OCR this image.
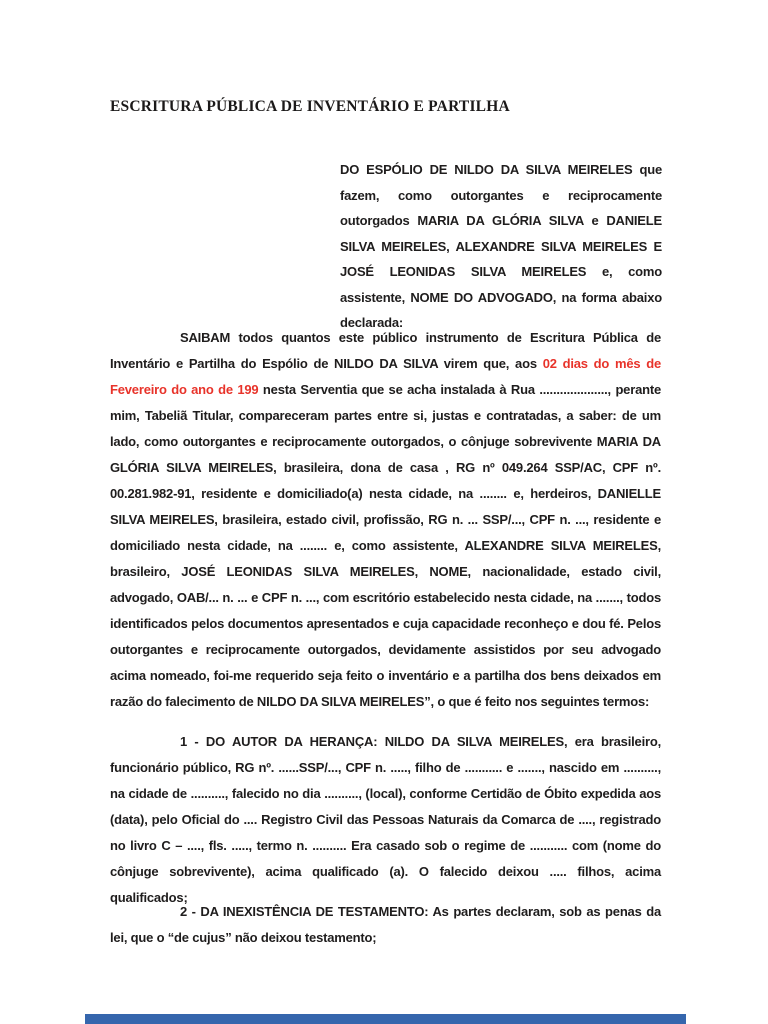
ESCRITURA PÚBLICA DE INVENTÁRIO E PARTILHA

DO ESPÓLIO DE NILDO DA SILVA MEIRELES que fazem, como outorgantes e reciprocamente outorgados MARIA DA GLÓRIA SILVA e DANIELE SILVA MEIRELES, ALEXANDRE SILVA MEIRELES E JOSÉ LEONIDAS SILVA MEIRELES e, como assistente, NOME DO ADVOGADO, na forma abaixo declarada:

SAIBAM todos quantos este público instrumento de Escritura Pública de Inventário e Partilha do Espólio de NILDO DA SILVA virem que, aos 02 dias do mês de Fevereiro do ano de 199 nesta Serventia que se acha instalada à Rua ...................., perante mim, Tabeliã Titular, compareceram partes entre si, justas e contratadas, a saber: de um lado, como outorgantes e reciprocamente outorgados, o cônjuge sobrevivente MARIA DA GLÓRIA SILVA MEIRELES, brasileira, dona de casa , RG nº 049.264 SSP/AC, CPF nº. 00.281.982-91, residente e domiciliado(a) nesta cidade, na ........ e, herdeiros, DANIELLE SILVA MEIRELES, brasileira, estado civil, profissão, RG n. ... SSP/..., CPF n. ..., residente e domiciliado nesta cidade, na ........ e, como assistente, ALEXANDRE SILVA MEIRELES, brasileiro, JOSÉ LEONIDAS SILVA MEIRELES, NOME, nacionalidade, estado civil, advogado, OAB/... n. ... e CPF n. ..., com escritório estabelecido nesta cidade, na ......., todos identificados pelos documentos apresentados e cuja capacidade reconheço e dou fé. Pelos outorgantes e reciprocamente outorgados, devidamente assistidos por seu advogado acima nomeado, foi-me requerido seja feito o inventário e a partilha dos bens deixados em razão do falecimento de NILDO DA SILVA MEIRELES”, o que é feito nos seguintes termos:

1 - DO AUTOR DA HERANÇA: NILDO DA SILVA MEIRELES, era brasileiro, funcionário público, RG nº. ......SSP/..., CPF n. ....., filho de ........... e ......., nascido em .........., na cidade de .........., falecido no dia .........., (local), conforme Certidão de Óbito expedida aos (data), pelo Oficial do .... Registro Civil das Pessoas Naturais da Comarca de ...., registrado no livro C – ...., fls. ....., termo n. .......... Era casado sob o regime de ........... com (nome do cônjuge sobrevivente), acima qualificado (a). O falecido deixou ..... filhos, acima qualificados;

2 - DA INEXISTÊNCIA DE TESTAMENTO: As partes declaram, sob as penas da lei, que o “de cujus” não deixou testamento;
